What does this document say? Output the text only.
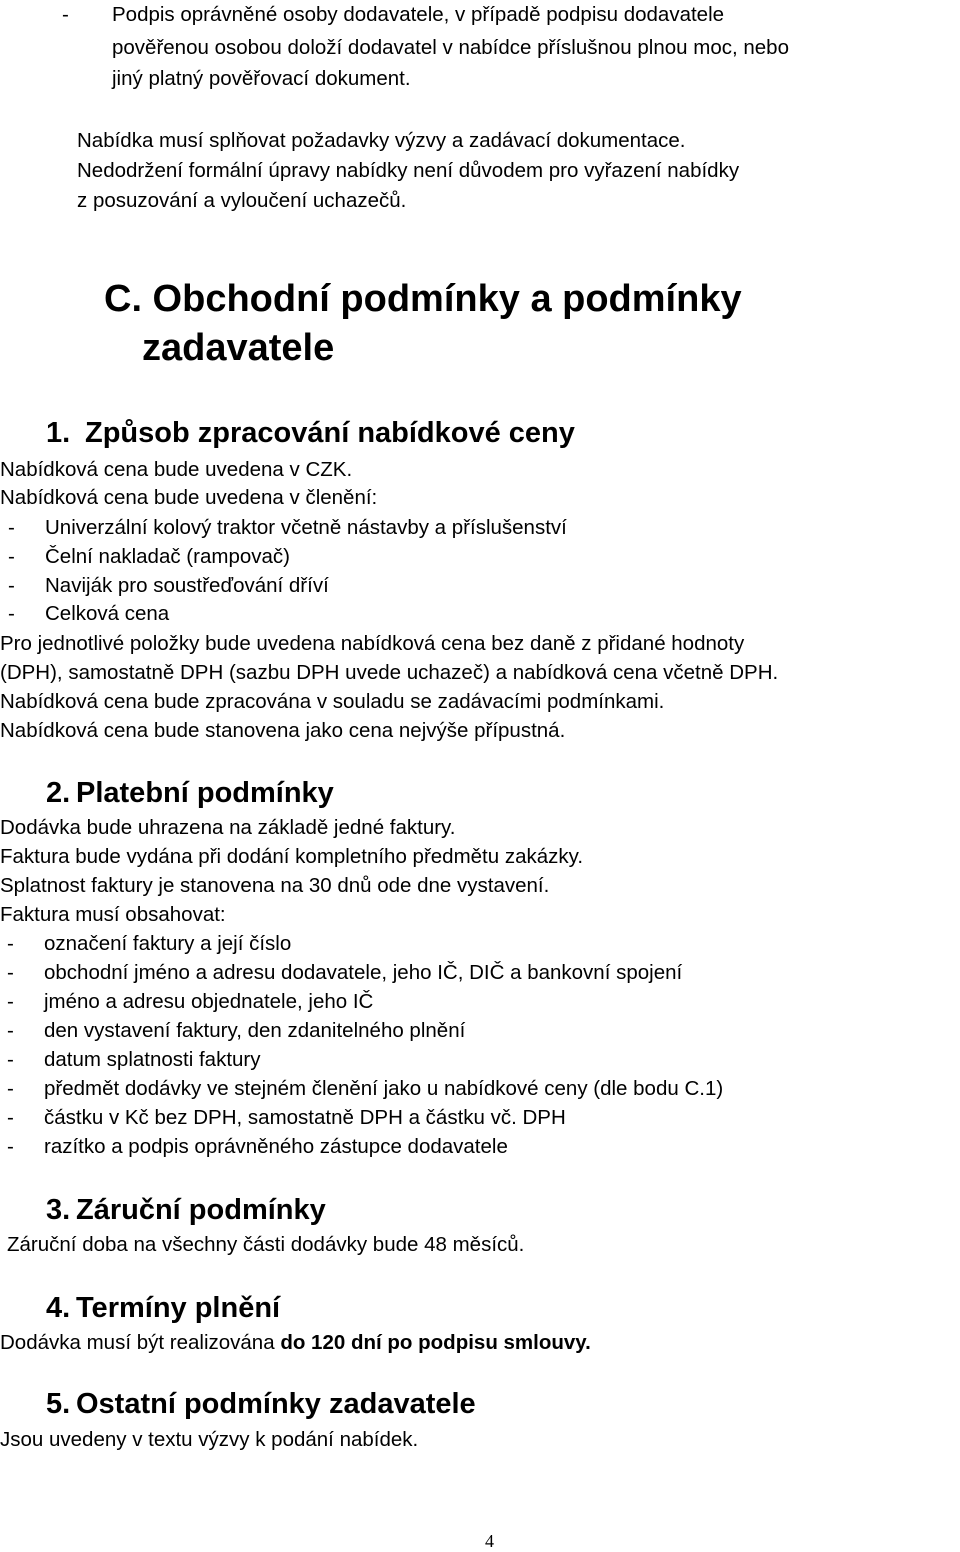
- Podpis oprávněné osoby dodavatele, v případě podpisu dodavatele
pověřenou osobou doloží dodavatel v nabídce příslušnou plnou moc, nebo
jiný platný pověřovací dokument.
Nabídka musí splňovat požadavky výzvy a zadávací dokumentace.
Nedodržení formální úpravy nabídky není důvodem pro vyřazení nabídky
z posuzování a vyloučení uchazečů.
C. Obchodní podmínky a podmínky
zadavatele
1. Způsob zpracování nabídkové ceny
Nabídková cena bude uvedena v CZK.
Nabídková cena bude uvedena v členění:
- Univerzální kolový traktor včetně nástavby a příslušenství
- Čelní nakladač (rampovač)
- Naviják pro soustřeďování dříví
- Celková cena
Pro jednotlivé položky bude uvedena nabídková cena bez daně z přidané hodnoty
(DPH), samostatně DPH (sazbu DPH uvede uchazeč) a nabídková cena včetně DPH.
Nabídková cena bude zpracována v souladu se zadávacími podmínkami.
Nabídková cena bude stanovena jako cena nejvýše přípustná.
2. Platební podmínky
Dodávka bude uhrazena na základě jedné faktury.
Faktura bude vydána při dodání kompletního předmětu zakázky.
Splatnost faktury je stanovena na 30 dnů ode dne vystavení.
Faktura musí obsahovat:
- označení faktury a její číslo
- obchodní jméno a adresu dodavatele, jeho IČ, DIČ a bankovní spojení
- jméno a adresu objednatele, jeho IČ
- den vystavení faktury, den zdanitelného plnění
- datum splatnosti faktury
- předmět dodávky ve stejném členění jako u nabídkové ceny (dle bodu C.1)
- částku v Kč bez DPH, samostatně DPH a částku vč. DPH
- razítko a podpis oprávněného zástupce dodavatele
3. Záruční podmínky
Záruční doba na všechny části dodávky bude 48 měsíců.
4. Termíny plnění
Dodávka musí být realizována do 120 dní po podpisu smlouvy.
5. Ostatní podmínky zadavatele
Jsou uvedeny v textu výzvy k podání nabídek.
4
